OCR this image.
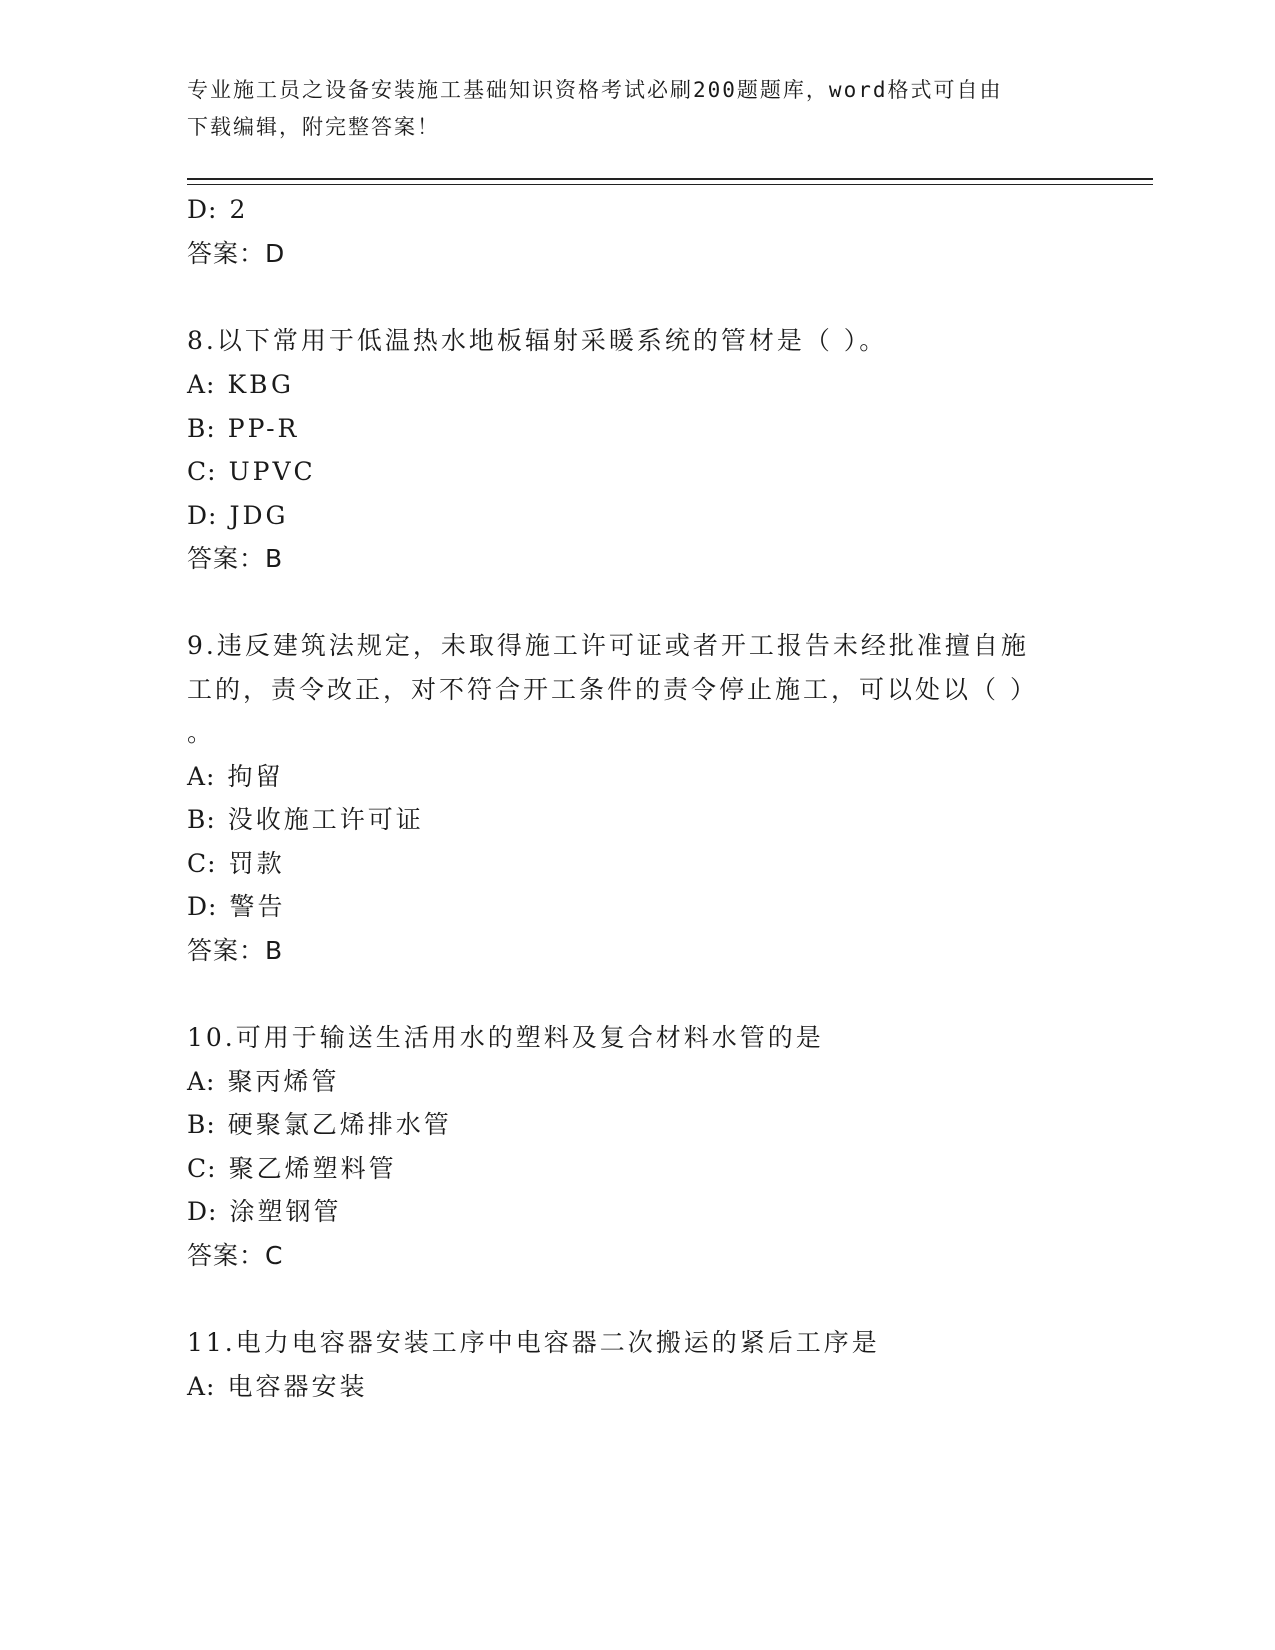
专业施工员之设备安装施工基础知识资格考试必刷200题题库，word格式可自由
下载编辑，附完整答案！
D: 2
答案：D
8.以下常用于低温热水地板辐射采暖系统的管材是（ ）。
A: KBG
B: PP-R
C: UPVC
D: JDG
答案：B
9.违反建筑法规定，未取得施工许可证或者开工报告未经批准擅自施
工的，责令改正，对不符合开工条件的责令停止施工，可以处以（ ）
。
A: 拘留
B: 没收施工许可证
C: 罚款
D: 警告
答案：B
10.可用于输送生活用水的塑料及复合材料水管的是
A: 聚丙烯管
B: 硬聚氯乙烯排水管
C: 聚乙烯塑料管
D: 涂塑钢管
答案：C
11.电力电容器安装工序中电容器二次搬运的紧后工序是
A: 电容器安装
